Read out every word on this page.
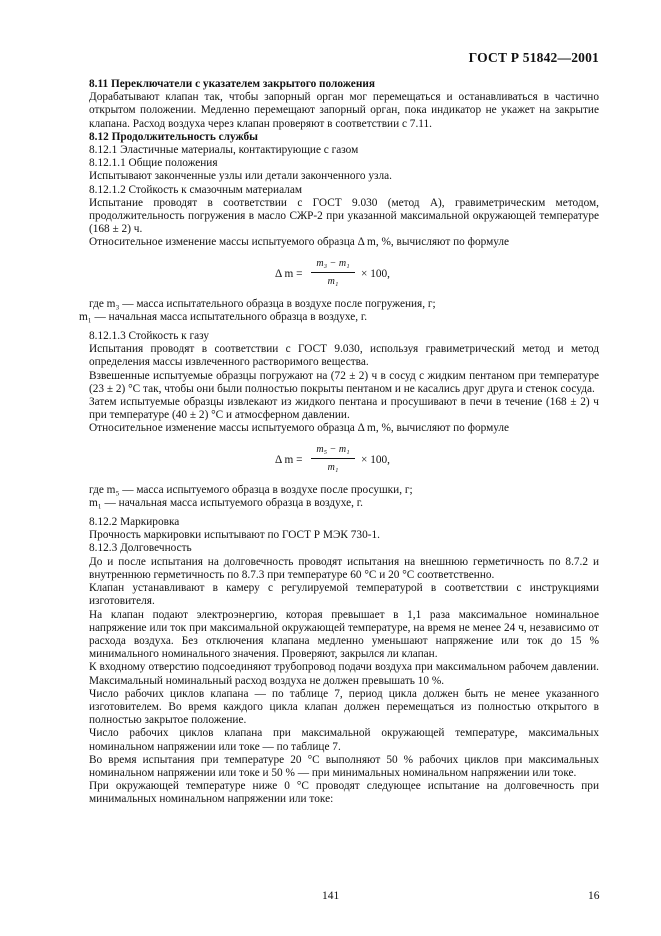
ГОСТ Р 51842—2001

8.11 Переключатели с указателем закрытого положения

Дорабатывают клапан так, чтобы запорный орган мог перемещаться и останавливаться в частично открытом положении. Медленно перемещают запорный орган, пока индикатор не укажет на закрытие клапана. Расход воздуха через клапан проверяют в соответствии с 7.11.

8.12 Продолжительность службы

8.12.1 Эластичные материалы, контактирующие с газом

8.12.1.1 Общие положения

Испытывают законченные узлы или детали законченного узла.

8.12.1.2 Стойкость к смазочным материалам

Испытание проводят в соответствии с ГОСТ 9.030 (метод А), гравиметрическим методом, продолжительность погружения в масло СЖР-2 при указанной максимальной окружающей температуре (168 ± 2) ч.

Относительное изменение массы испытуемого образца Δ m, %, вычисляют по формуле

Δ $m = \frac{\text{m₃ − m₁}}{\text{m₁}} \times 100$,

где m₃ — масса испытательного образца в воздухе после погружения, г;

m₁ — начальная масса испытательного образца в воздухе, г.

8.12.1.3 Стойкость к газу

Испытания проводят в соответствии с ГОСТ 9.030, используя гравиметрический метод и метод определения массы извлеченного растворимого вещества.

Взвешенные испытуемые образцы погружают на (72 ± 2) ч в сосуд с жидким пентаном при температуре (23 ± 2) °С так, чтобы они были полностью покрыты пентаном и не касались друг друга и стенок сосуда.

Затем испытуемые образцы извлекают из жидкого пентана и просушивают в печи в течение (168 ± 2) ч при температуре (40 ± 2) °С и атмосферном давлении.

Относительное изменение массы испытуемого образца Δ m, %, вычисляют по формуле

Δ $m = \frac{\text{m₅ − m₁}}{\text{m₁}} \times 100$,

где m₅ — масса испытуемого образца в воздухе после просушки, г;

m₁ — начальная масса испытуемого образца в воздухе, г.

8.12.2 Маркировка

Прочность маркировки испытывают по ГОСТ Р МЭК 730-1.

8.12.3 Долговечность

До и после испытания на долговечность проводят испытания на внешнюю герметичность по 8.7.2 и внутреннюю герметичность по 8.7.3 при температуре 60 °С и 20 °С соответственно.

Клапан устанавливают в камеру с регулируемой температурой в соответствии с инструкциями изготовителя.

На клапан подают электроэнергию, которая превышает в 1,1 раза максимальное номинальное напряжение или ток при максимальной окружающей температуре, на время не менее 24 ч, независимо от расхода воздуха. Без отключения клапана медленно уменьшают напряжение или ток до 15 % минимального номинального значения. Проверяют, закрылся ли клапан.

К входному отверстию подсоединяют трубопровод подачи воздуха при максимальном рабочем давлении. Максимальный номинальный расход воздуха не должен превышать 10 %.

Число рабочих циклов клапана — по таблице 7, период цикла должен быть не менее указанного изготовителем. Во время каждого цикла клапан должен перемещаться из полностью открытого в полностью закрытое положение.

Число рабочих циклов клапана при максимальной окружающей температуре, максимальных номинальном напряжении или токе — по таблице 7.

Во время испытания при температуре 20 °С выполняют 50 % рабочих циклов при максимальных номинальном напряжении или токе и 50 % — при минимальных номинальном напряжении или токе.

При окружающей температуре ниже 0 °С проводят следующее испытание на долговечность при минимальных номинальном напряжении или токе:

141	16
